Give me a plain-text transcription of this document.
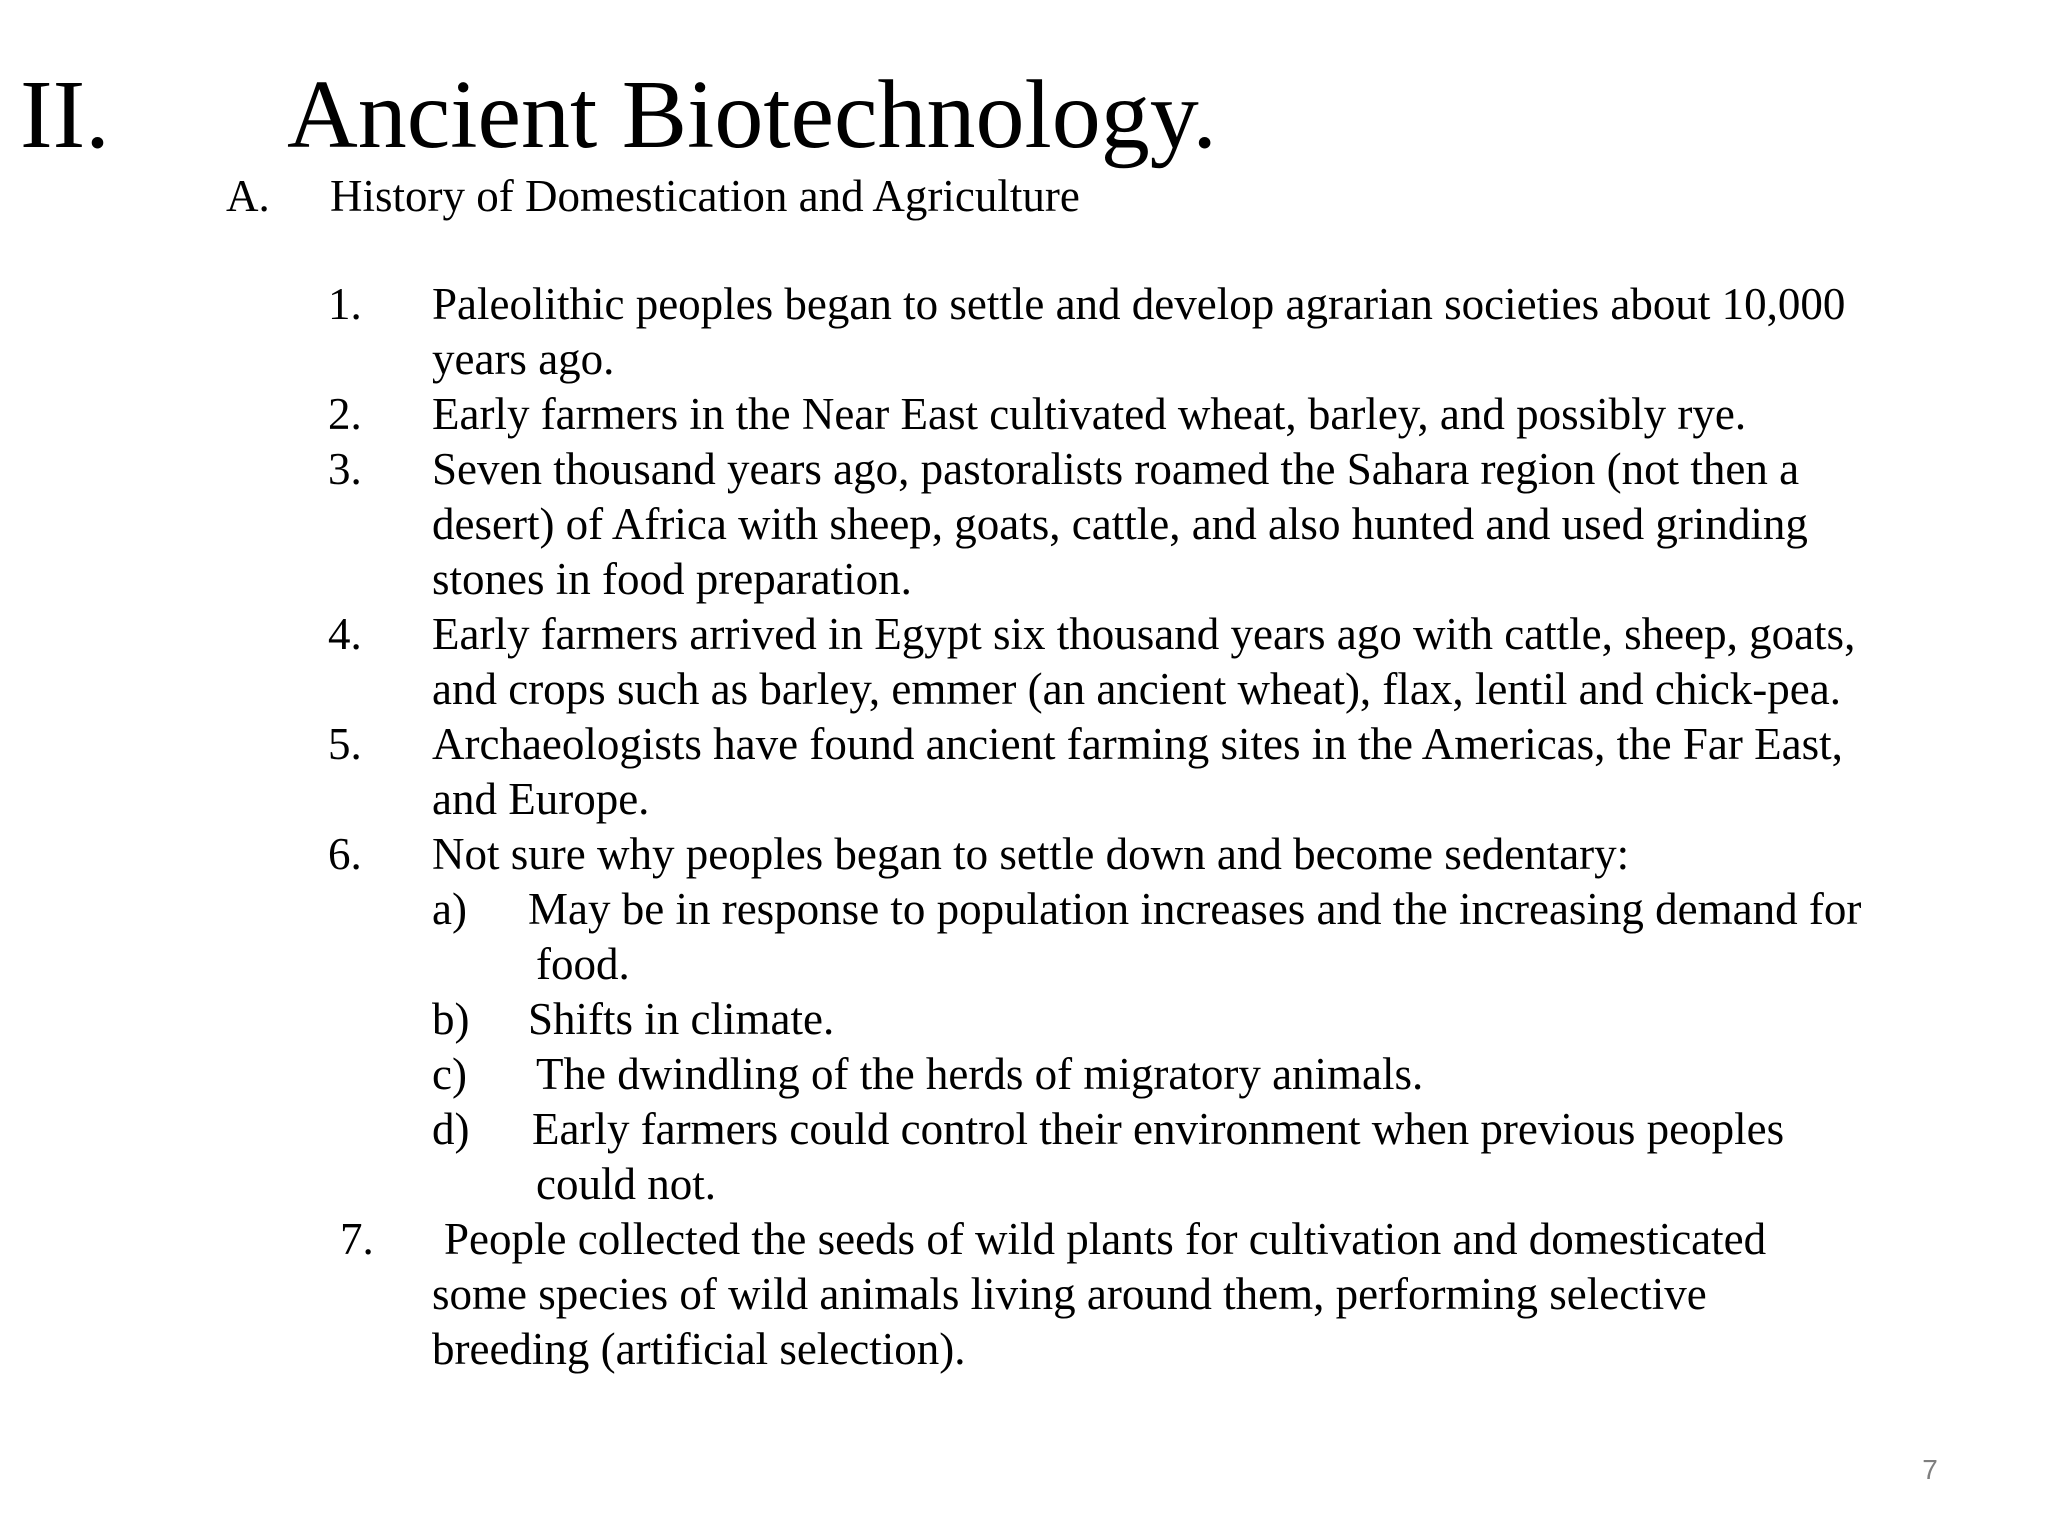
II. Ancient Biotechnology.
A. History of Domestication and Agriculture
1. Paleolithic peoples began to settle and develop agrarian societies about 10,000
years ago.
2. Early farmers in the Near East cultivated wheat, barley, and possibly rye.
3. Seven thousand years ago, pastoralists roamed the Sahara region (not then a
desert) of Africa with sheep, goats, cattle, and also hunted and used grinding
stones in food preparation.
4. Early farmers arrived in Egypt six thousand years ago with cattle, sheep, goats,
and crops such as barley, emmer (an ancient wheat), flax, lentil and chick-pea.
5. Archaeologists have found ancient farming sites in the Americas, the Far East,
and Europe.
6. Not sure why peoples began to settle down and become sedentary:
a) May be in response to population increases and the increasing demand for
food.
b) Shifts in climate.
c) The dwindling of the herds of migratory animals.
d) Early farmers could control their environment when previous peoples
could not.
7. People collected the seeds of wild plants for cultivation and domesticated
some species of wild animals living around them, performing selective
breeding (artificial selection).
7
